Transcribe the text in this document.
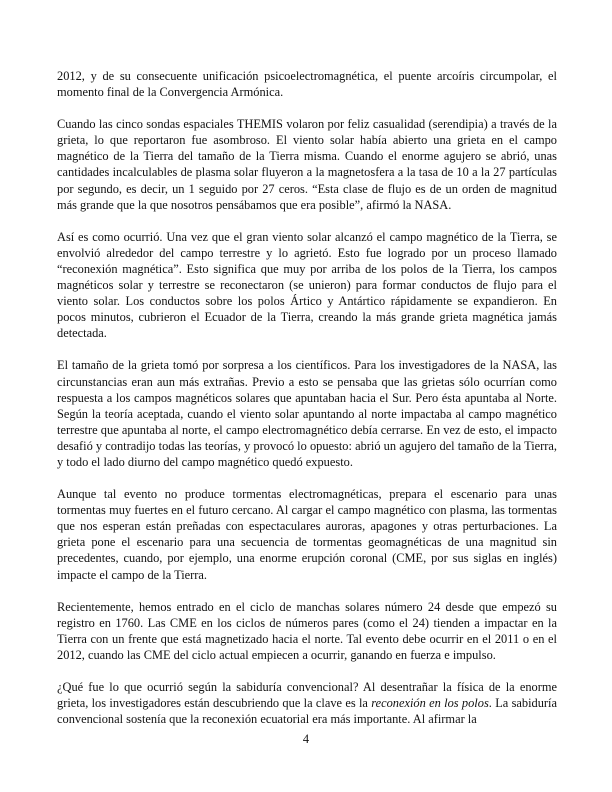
2012, y de su consecuente unificación psicoelectromagnética, el puente arcoíris circumpolar, el momento final de la Convergencia Armónica.

Cuando las cinco sondas espaciales THEMIS volaron por feliz casualidad (serendipia) a través de la grieta, lo que reportaron fue asombroso. El viento solar había abierto una grieta en el campo magnético de la Tierra del tamaño de la Tierra misma. Cuando el enorme agujero se abrió, unas cantidades incalculables de plasma solar fluyeron a la magnetosfera a la tasa de 10 a la 27 partículas por segundo, es decir, un 1 seguido por 27 ceros. “Esta clase de flujo es de un orden de magnitud más grande que la que nosotros pensábamos que era posible”, afirmó la NASA.

Así es como ocurrió. Una vez que el gran viento solar alcanzó el campo magnético de la Tierra, se envolvió alrededor del campo terrestre y lo agrietó. Esto fue logrado por un proceso llamado “reconexión magnética”. Esto significa que muy por arriba de los polos de la Tierra, los campos magnéticos solar y terrestre se reconectaron (se unieron) para formar conductos de flujo para el viento solar. Los conductos sobre los polos Ártico y Antártico rápidamente se expandieron. En pocos minutos, cubrieron el Ecuador de la Tierra, creando la más grande grieta magnética jamás detectada.

El tamaño de la grieta tomó por sorpresa a los científicos. Para los investigadores de la NASA, las circunstancias eran aun más extrañas. Previo a esto se pensaba que las grietas sólo ocurrían como respuesta a los campos magnéticos solares que apuntaban hacia el Sur. Pero ésta apuntaba al Norte. Según la teoría aceptada, cuando el viento solar apuntando al norte impactaba al campo magnético terrestre que apuntaba al norte, el campo electromagnético debía cerrarse. En vez de esto, el impacto desafió y contradijo todas las teorías, y provocó lo opuesto: abrió un agujero del tamaño de la Tierra, y todo el lado diurno del campo magnético quedó expuesto.

Aunque tal evento no produce tormentas electromagnéticas, prepara el escenario para unas tormentas muy fuertes en el futuro cercano. Al cargar el campo magnético con plasma, las tormentas que nos esperan están preñadas con espectaculares auroras, apagones y otras perturbaciones. La grieta pone el escenario para una secuencia de tormentas geomagnéticas de una magnitud sin precedentes, cuando, por ejemplo, una enorme erupción coronal (CME, por sus siglas en inglés) impacte el campo de la Tierra.

Recientemente, hemos entrado en el ciclo de manchas solares número 24 desde que empezó su registro en 1760. Las CME en los ciclos de números pares (como el 24) tienden a impactar en la Tierra con un frente que está magnetizado hacia el norte. Tal evento debe ocurrir en el 2011 o en el 2012, cuando las CME del ciclo actual empiecen a ocurrir, ganando en fuerza e impulso.

¿Qué fue lo que ocurrió según la sabiduría convencional? Al desentrañar la física de la enorme grieta, los investigadores están descubriendo que la clave es la reconexión en los polos. La sabiduría convencional sostenía que la reconexión ecuatorial era más importante. Al afirmar la

4
